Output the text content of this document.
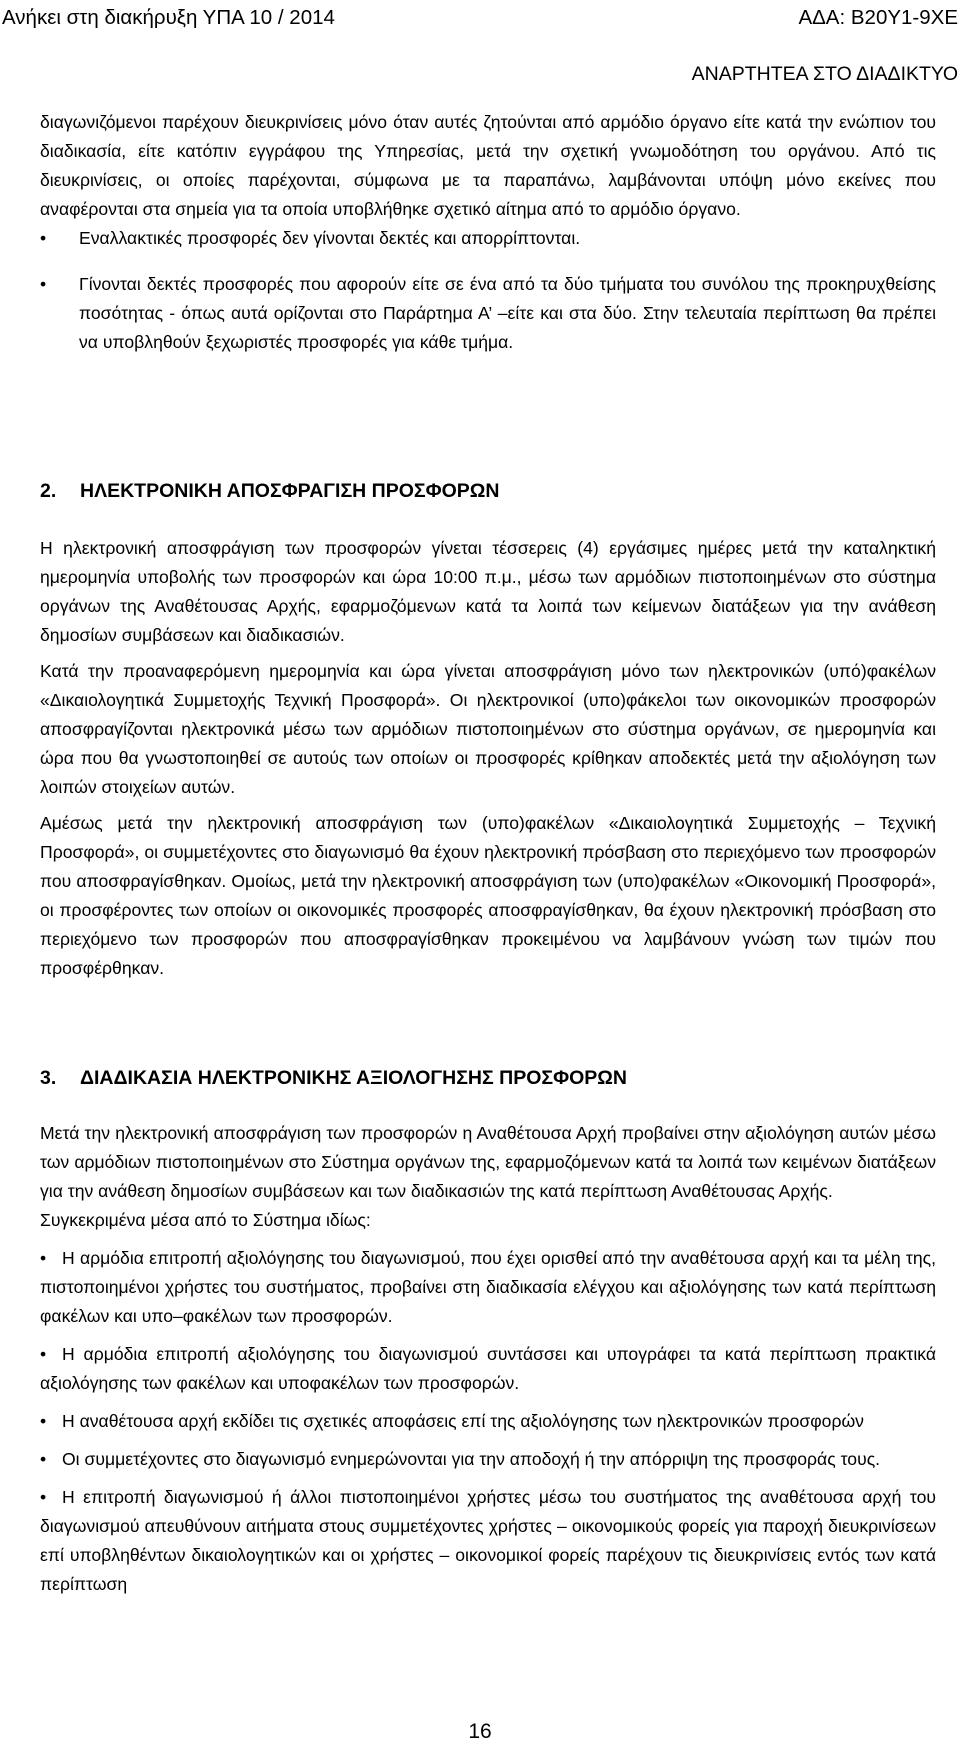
Ανήκει στη διακήρυξη ΥΠΑ 10 / 2014	ΑΔΑ: Β20Υ1-9ΧΕ
ΑΝΑΡΤΗΤΕΑ ΣΤΟ ΔΙΑΔΙΚΤΥΟ

διαγωνιζόμενοι παρέχουν διευκρινίσεις μόνο όταν αυτές ζητούνται από αρμόδιο όργανο είτε κατά την ενώπιον του διαδικασία, είτε κατόπιν εγγράφου της Υπηρεσίας, μετά την σχετική γνωμοδότηση του οργάνου. Από τις διευκρινίσεις, οι οποίες παρέχονται, σύμφωνα με τα παραπάνω, λαμβάνονται υπόψη μόνο εκείνες που αναφέρονται στα σημεία για τα οποία υποβλήθηκε σχετικό αίτημα από το αρμόδιο όργανο.

• Εναλλακτικές προσφορές δεν γίνονται δεκτές και απορρίπτονται.

• Γίνονται δεκτές προσφορές που αφορούν είτε σε ένα από τα δύο τμήματα του συνόλου της προκηρυχθείσης ποσότητας - όπως αυτά ορίζονται στο Παράρτημα Α’ –είτε και στα δύο. Στην τελευταία περίπτωση θα πρέπει να υποβληθούν ξεχωριστές προσφορές για κάθε τμήμα.

2. ΗΛΕΚΤΡΟΝΙΚΗ ΑΠΟΣΦΡΑΓΙΣΗ ΠΡΟΣΦΟΡΩΝ

Η ηλεκτρονική αποσφράγιση των προσφορών γίνεται τέσσερεις (4) εργάσιμες ημέρες μετά την καταληκτική ημερομηνία υποβολής των προσφορών και ώρα 10:00 π.μ., μέσω των αρμόδιων πιστοποιημένων στο σύστημα οργάνων της Αναθέτουσας Αρχής, εφαρμοζόμενων κατά τα λοιπά των κείμενων διατάξεων για την ανάθεση δημοσίων συμβάσεων και διαδικασιών.

Κατά την προαναφερόμενη ημερομηνία και ώρα γίνεται αποσφράγιση μόνο των ηλεκτρονικών (υπό)φακέλων «Δικαιολογητικά Συμμετοχής Τεχνική Προσφορά». Οι ηλεκτρονικοί (υπο)φάκελοι των οικονομικών προσφορών αποσφραγίζονται ηλεκτρονικά μέσω των αρμόδιων πιστοποιημένων στο σύστημα οργάνων, σε ημερομηνία και ώρα που θα γνωστοποιηθεί σε αυτούς των οποίων οι προσφορές κρίθηκαν αποδεκτές μετά την αξιολόγηση των λοιπών στοιχείων αυτών.

Αμέσως μετά την ηλεκτρονική αποσφράγιση των (υπο)φακέλων «Δικαιολογητικά Συμμετοχής – Τεχνική Προσφορά», οι συμμετέχοντες στο διαγωνισμό θα έχουν ηλεκτρονική πρόσβαση στο περιεχόμενο των προσφορών που αποσφραγίσθηκαν. Ομοίως, μετά την ηλεκτρονική αποσφράγιση των (υπο)φακέλων «Οικονομική Προσφορά», οι προσφέροντες των οποίων οι οικονομικές προσφορές αποσφραγίσθηκαν, θα έχουν ηλεκτρονική πρόσβαση στο περιεχόμενο των προσφορών που αποσφραγίσθηκαν προκειμένου να λαμβάνουν γνώση των τιμών που προσφέρθηκαν.

3. ΔΙΑΔΙΚΑΣΙΑ ΗΛΕΚΤΡΟΝΙΚΗΣ ΑΞΙΟΛΟΓΗΣΗΣ ΠΡΟΣΦΟΡΩΝ

Μετά την ηλεκτρονική αποσφράγιση των προσφορών η Αναθέτουσα Αρχή προβαίνει στην αξιολόγηση αυτών μέσω των αρμόδιων πιστοποιημένων στο Σύστημα οργάνων της, εφαρμοζόμενων κατά τα λοιπά των κειμένων διατάξεων για την ανάθεση δημοσίων συμβάσεων και των διαδικασιών της κατά περίπτωση Αναθέτουσας Αρχής.

Συγκεκριμένα μέσα από το Σύστημα ιδίως:

• Η αρμόδια επιτροπή αξιολόγησης του διαγωνισμού, που έχει ορισθεί από την αναθέτουσα αρχή και τα μέλη της, πιστοποιημένοι χρήστες του συστήματος, προβαίνει στη διαδικασία ελέγχου και αξιολόγησης των κατά περίπτωση φακέλων και υπο–φακέλων των προσφορών.

• Η αρμόδια επιτροπή αξιολόγησης του διαγωνισμού συντάσσει και υπογράφει τα κατά περίπτωση πρακτικά αξιολόγησης των φακέλων και υποφακέλων των προσφορών.

• Η αναθέτουσα αρχή εκδίδει τις σχετικές αποφάσεις επί της αξιολόγησης των ηλεκτρονικών προσφορών

• Οι συμμετέχοντες στο διαγωνισμό ενημερώνονται για την αποδοχή ή την απόρριψη της προσφοράς τους.

• Η επιτροπή διαγωνισμού ή άλλοι πιστοποιημένοι χρήστες μέσω του συστήματος της αναθέτουσα αρχή του διαγωνισμού απευθύνουν αιτήματα στους συμμετέχοντες χρήστες – οικονομικούς φορείς για παροχή διευκρινίσεων επί υποβληθέντων δικαιολογητικών και οι χρήστες – οικονομικοί φορείς παρέχουν τις διευκρινίσεις εντός των κατά περίπτωση

16
